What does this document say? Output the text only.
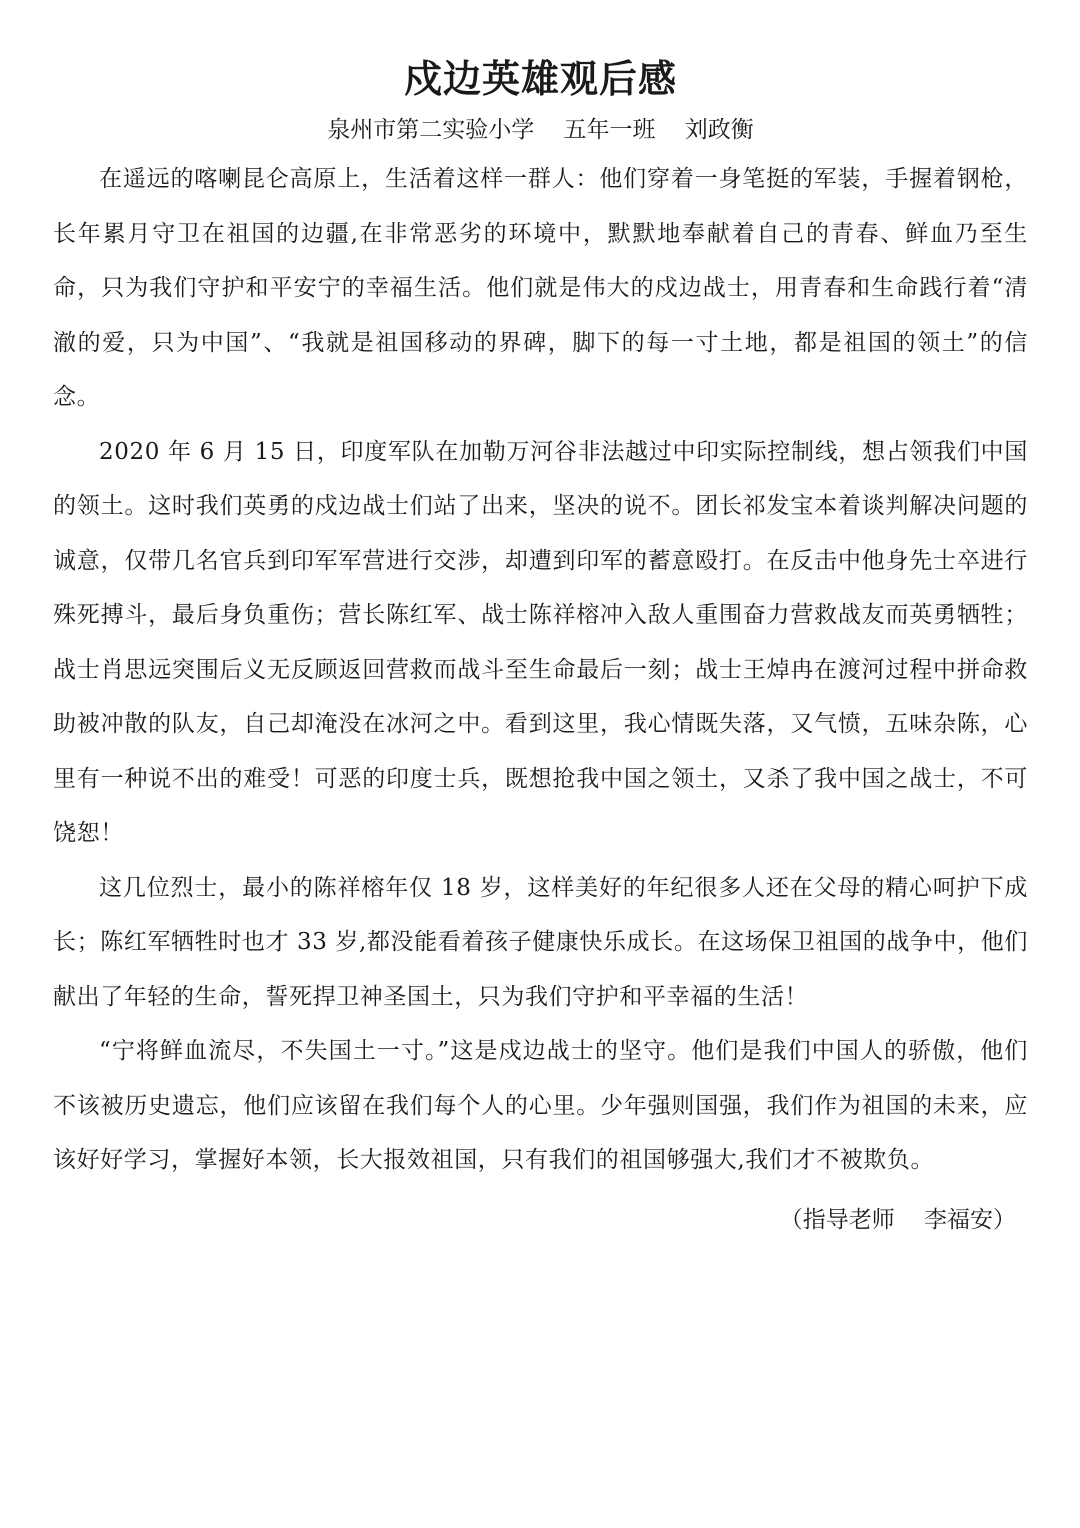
戍边英雄观后感
泉州市第二实验小学    五年一班    刘政衡

在遥远的喀喇昆仑高原上，生活着这样一群人：他们穿着一身笔挺的军装，手握着钢枪，长年累月守卫在祖国的边疆,在非常恶劣的环境中，默默地奉献着自己的青春、鲜血乃至生命，只为我们守护和平安宁的幸福生活。他们就是伟大的戍边战士，用青春和生命践行着“清澈的爱，只为中国”、“我就是祖国移动的界碑，脚下的每一寸土地，都是祖国的领土”的信念。

2020 年 6 月 15 日，印度军队在加勒万河谷非法越过中印实际控制线，想占领我们中国的领土。这时我们英勇的戍边战士们站了出来，坚决的说不。团长祁发宝本着谈判解决问题的诚意，仅带几名官兵到印军军营进行交涉，却遭到印军的蓄意殴打。在反击中他身先士卒进行殊死搏斗，最后身负重伤；营长陈红军、战士陈祥榕冲入敌人重围奋力营救战友而英勇牺牲；战士肖思远突围后义无反顾返回营救而战斗至生命最后一刻；战士王焯冉在渡河过程中拼命救助被冲散的队友，自己却淹没在冰河之中。看到这里，我心情既失落，又气愤，五味杂陈，心里有一种说不出的难受！可恶的印度士兵，既想抢我中国之领土，又杀了我中国之战士，不可饶恕！

这几位烈士，最小的陈祥榕年仅 18 岁，这样美好的年纪很多人还在父母的精心呵护下成长；陈红军牺牲时也才 33 岁,都没能看着孩子健康快乐成长。在这场保卫祖国的战争中，他们献出了年轻的生命，誓死捍卫神圣国土，只为我们守护和平幸福的生活！

“宁将鲜血流尽，不失国土一寸。”这是戍边战士的坚守。他们是我们中国人的骄傲，他们不该被历史遗忘，他们应该留在我们每个人的心里。少年强则国强，我们作为祖国的未来，应该好好学习，掌握好本领，长大报效祖国，只有我们的祖国够强大,我们才不被欺负。

（指导老师    李福安）
